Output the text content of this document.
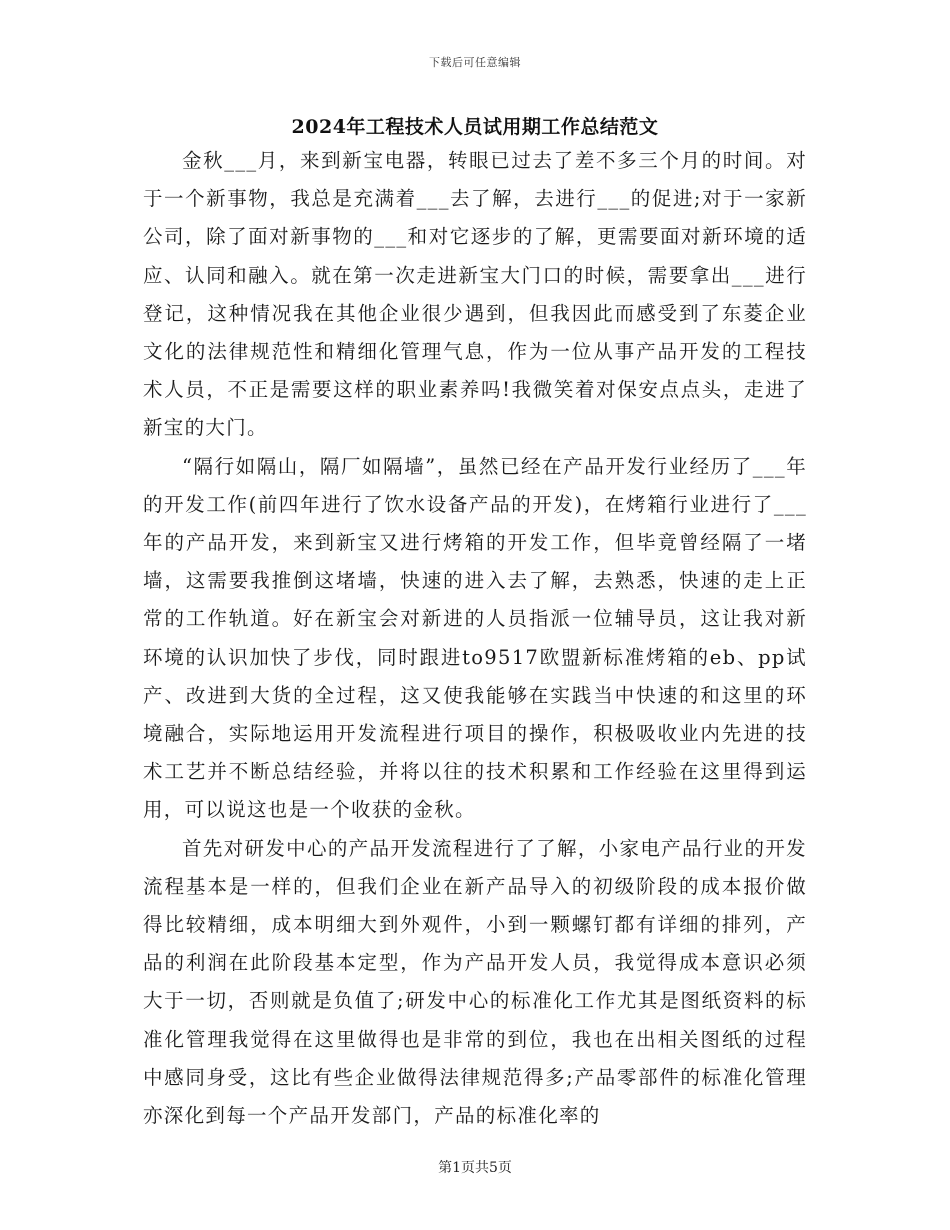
下载后可任意编辑
2024年工程技术人员试用期工作总结范文

金秋___月，来到新宝电器，转眼已过去了差不多三个月的时间。对于一个新事物，我总是充满着___去了解，去进行___的促进;对于一家新公司，除了面对新事物的___和对它逐步的了解，更需要面对新环境的适应、认同和融入。就在第一次走进新宝大门口的时候，需要拿出___进行登记，这种情况我在其他企业很少遇到，但我因此而感受到了东菱企业文化的法律规范性和精细化管理气息，作为一位从事产品开发的工程技术人员，不正是需要这样的职业素养吗!我微笑着对保安点点头，走进了新宝的大门。

“隔行如隔山，隔厂如隔墙”，虽然已经在产品开发行业经历了___年的开发工作(前四年进行了饮水设备产品的开发)，在烤箱行业进行了___年的产品开发，来到新宝又进行烤箱的开发工作，但毕竟曾经隔了一堵墙，这需要我推倒这堵墙，快速的进入去了解，去熟悉，快速的走上正常的工作轨道。好在新宝会对新进的人员指派一位辅导员，这让我对新环境的认识加快了步伐，同时跟进to9517欧盟新标准烤箱的eb、pp试产、改进到大货的全过程，这又使我能够在实践当中快速的和这里的环境融合，实际地运用开发流程进行项目的操作，积极吸收业内先进的技术工艺并不断总结经验，并将以往的技术积累和工作经验在这里得到运用，可以说这也是一个收获的金秋。

首先对研发中心的产品开发流程进行了了解，小家电产品行业的开发流程基本是一样的，但我们企业在新产品导入的初级阶段的成本报价做得比较精细，成本明细大到外观件，小到一颗螺钉都有详细的排列，产品的利润在此阶段基本定型，作为产品开发人员，我觉得成本意识必须大于一切，否则就是负值了;研发中心的标准化工作尤其是图纸资料的标准化管理我觉得在这里做得也是非常的到位，我也在出相关图纸的过程中感同身受，这比有些企业做得法律规范得多;产品零部件的标准化管理亦深化到每一个产品开发部门，产品的标准化率的

第1页共5页
